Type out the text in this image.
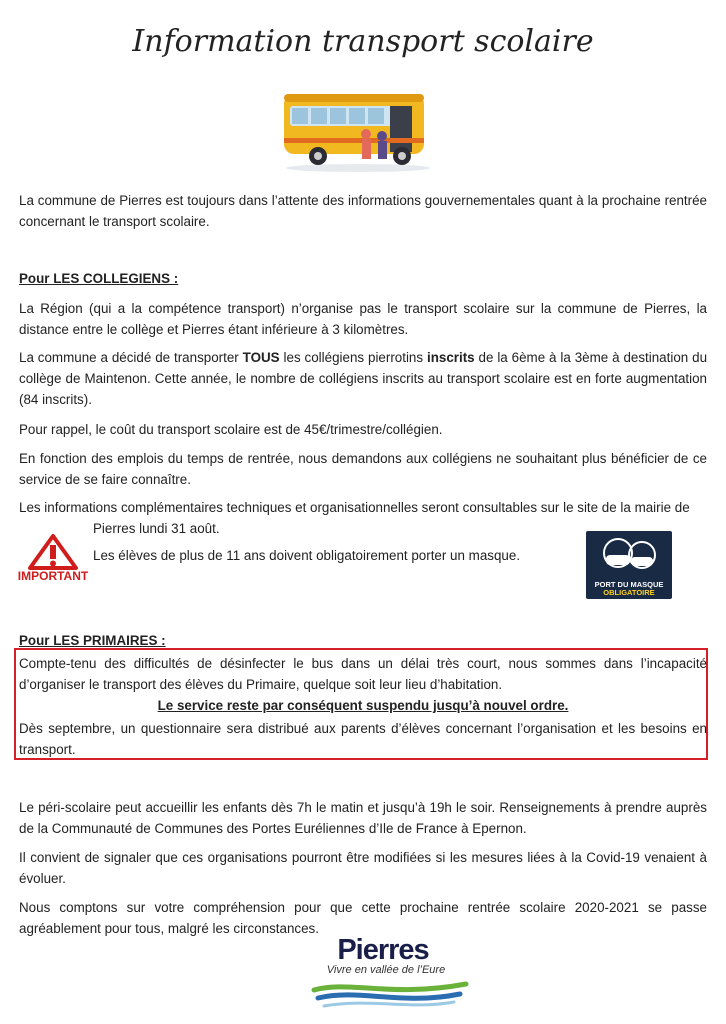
Information transport scolaire

La commune de Pierres est toujours dans l’attente des informations gouvernementales quant à la prochaine rentrée concernant le transport scolaire.

Pour LES COLLEGIENS :

La Région (qui a la compétence transport) n’organise pas le transport scolaire sur la commune de Pierres, la distance entre le collège et Pierres étant inférieure à 3 kilomètres.

La commune a décidé de transporter TOUS les collégiens pierrotins inscrits de la 6ème à la 3ème à destination du collège de Maintenon. Cette année, le nombre de collégiens inscrits au transport scolaire est en forte augmentation (84 inscrits).

Pour rappel, le coût du transport scolaire est de 45€/trimestre/collégien.

En fonction des emplois du temps de rentrée, nous demandons aux collégiens ne souhaitant plus bénéficier de ce service de se faire connaître.

Les informations complémentaires techniques et organisationnelles seront consultables sur le site de la mairie de

Pierres lundi 31 août.

Les élèves de plus de 11 ans doivent obligatoirement porter un masque.

IMPORTANT
PORT DU MASQUE
OBLIGATOIRE

Pour LES PRIMAIRES :

Compte-tenu des difficultés de désinfecter le bus dans un délai très court, nous sommes dans l’incapacité d’organiser le transport des élèves du Primaire, quelque soit leur lieu d’habitation.

Le service reste par conséquent suspendu jusqu’à nouvel ordre.

Dès septembre, un questionnaire sera distribué aux parents d’élèves concernant l’organisation et les besoins en transport.

Le péri-scolaire peut accueillir les enfants dès 7h le matin et jusqu’à 19h le soir. Renseignements à prendre auprès de la Communauté de Communes des Portes Euréliennes d’Ile de France à Epernon.

Il convient de signaler que ces organisations pourront être modifiées si les mesures liées à la Covid-19 venaient à évoluer.

Nous comptons sur votre compréhension pour que cette prochaine rentrée scolaire 2020-2021 se passe agréablement pour tous, malgré les circonstances.

Pierres
Vivre en vallée de l’Eure
